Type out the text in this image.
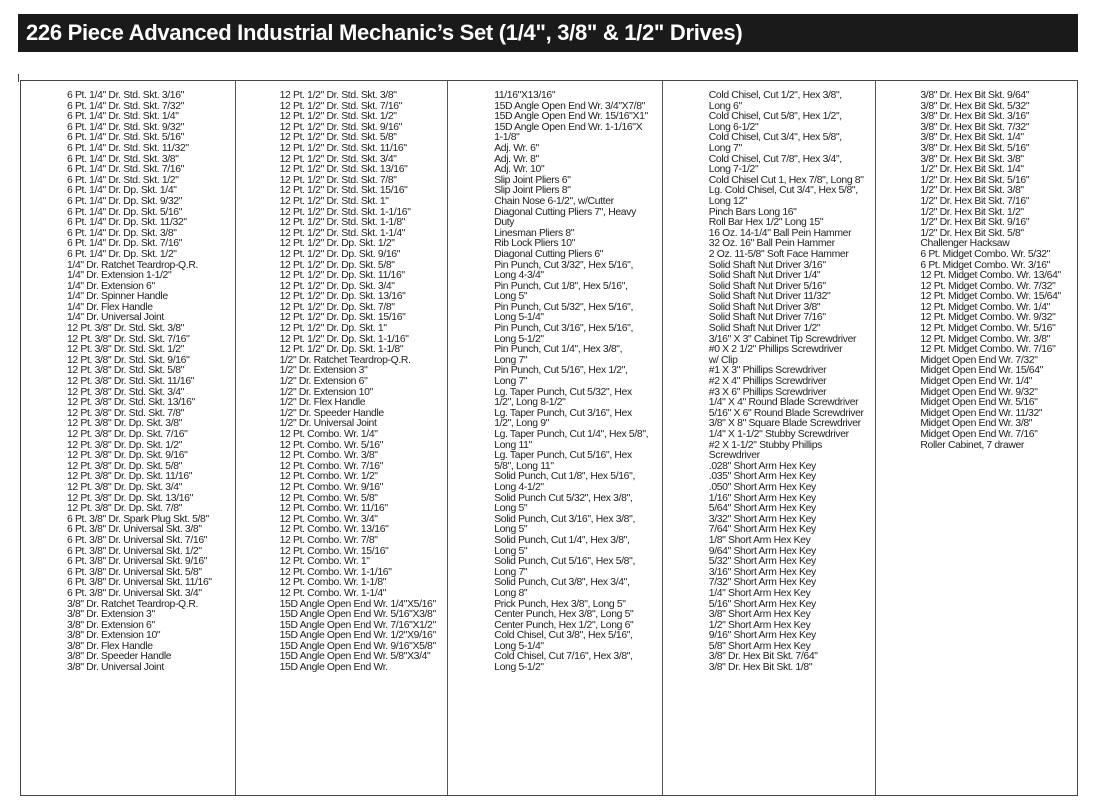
226 Piece Advanced Industrial Mechanic’s Set (1/4", 3/8" & 1/2" Drives)
6 Pt. 1/4" Dr. Std. Skt. 3/16"
6 Pt. 1/4" Dr. Std. Skt. 7/32"
6 Pt. 1/4" Dr. Std. Skt. 1/4"
6 Pt. 1/4" Dr. Std. Skt. 9/32"
6 Pt. 1/4" Dr. Std. Skt. 5/16"
6 Pt. 1/4" Dr. Std. Skt. 11/32"
6 Pt. 1/4" Dr. Std. Skt. 3/8"
6 Pt. 1/4" Dr. Std. Skt. 7/16"
6 Pt. 1/4" Dr. Std. Skt. 1/2"
6 Pt. 1/4" Dr. Dp. Skt. 1/4"
6 Pt. 1/4" Dr. Dp. Skt. 9/32"
6 Pt. 1/4" Dr. Dp. Skt. 5/16"
6 Pt. 1/4" Dr. Dp. Skt. 11/32"
6 Pt. 1/4" Dr. Dp. Skt. 3/8"
6 Pt. 1/4" Dr. Dp. Skt. 7/16"
6 Pt. 1/4" Dr. Dp. Skt. 1/2"
1/4" Dr. Ratchet Teardrop-Q.R.
1/4" Dr. Extension 1-1/2"
1/4" Dr. Extension 6"
1/4" Dr. Spinner Handle
1/4" Dr. Flex Handle
1/4" Dr. Universal Joint
12 Pt. 3/8" Dr. Std. Skt. 3/8"
12 Pt. 3/8" Dr. Std. Skt. 7/16"
12 Pt. 3/8" Dr. Std. Skt. 1/2"
12 Pt. 3/8" Dr. Std. Skt. 9/16"
12 Pt. 3/8" Dr. Std. Skt. 5/8"
12 Pt. 3/8" Dr. Std. Skt. 11/16"
12 Pt. 3/8" Dr. Std. Skt. 3/4"
12 Pt. 3/8" Dr. Std. Skt. 13/16"
12 Pt. 3/8" Dr. Std. Skt. 7/8"
12 Pt. 3/8" Dr. Dp. Skt. 3/8"
12 Pt. 3/8" Dr. Dp. Skt. 7/16"
12 Pt. 3/8" Dr. Dp. Skt. 1/2"
12 Pt. 3/8" Dr. Dp. Skt. 9/16"
12 Pt. 3/8" Dr. Dp. Skt. 5/8"
12 Pt. 3/8" Dr. Dp. Skt. 11/16"
12 Pt. 3/8" Dr. Dp. Skt. 3/4"
12 Pt. 3/8" Dr. Dp. Skt. 13/16"
12 Pt. 3/8" Dr. Dp. Skt. 7/8"
6 Pt. 3/8" Dr. Spark Plug Skt. 5/8"
6 Pt. 3/8" Dr. Universal Skt. 3/8"
6 Pt. 3/8" Dr. Universal Skt. 7/16"
6 Pt. 3/8" Dr. Universal Skt. 1/2"
6 Pt. 3/8" Dr. Universal Skt. 9/16"
6 Pt. 3/8" Dr. Universal Skt. 5/8"
6 Pt. 3/8" Dr. Universal Skt. 11/16"
6 Pt. 3/8" Dr. Universal Skt. 3/4"
3/8" Dr. Ratchet Teardrop-Q.R.
3/8" Dr. Extension 3"
3/8" Dr. Extension 6"
3/8" Dr. Extension 10"
3/8" Dr. Flex Handle
3/8" Dr. Speeder Handle
3/8" Dr. Universal Joint
12 Pt. 1/2" Dr. Std. Skt. 3/8"
12 Pt. 1/2" Dr. Std. Skt. 7/16"
12 Pt. 1/2" Dr. Std. Skt. 1/2"
12 Pt. 1/2" Dr. Std. Skt. 9/16"
12 Pt. 1/2" Dr. Std. Skt. 5/8"
12 Pt. 1/2" Dr. Std. Skt. 11/16"
12 Pt. 1/2" Dr. Std. Skt. 3/4"
12 Pt. 1/2" Dr. Std. Skt. 13/16"
12 Pt. 1/2" Dr. Std. Skt. 7/8"
12 Pt. 1/2" Dr. Std. Skt. 15/16"
12 Pt. 1/2" Dr. Std. Skt. 1"
12 Pt. 1/2" Dr. Std. Skt. 1-1/16"
12 Pt. 1/2" Dr. Std. Skt. 1-1/8"
12 Pt. 1/2" Dr. Std. Skt. 1-1/4"
12 Pt. 1/2" Dr. Dp. Skt. 1/2"
12 Pt. 1/2" Dr. Dp. Skt. 9/16"
12 Pt. 1/2" Dr. Dp. Skt. 5/8"
12 Pt. 1/2" Dr. Dp. Skt. 11/16"
12 Pt. 1/2" Dr. Dp. Skt. 3/4"
12 Pt. 1/2" Dr. Dp. Skt. 13/16"
12 Pt. 1/2" Dr. Dp. Skt. 7/8"
12 Pt. 1/2" Dr. Dp. Skt. 15/16"
12 Pt. 1/2" Dr. Dp. Skt. 1"
12 Pt. 1/2" Dr. Dp. Skt. 1-1/16"
12 Pt. 1/2" Dr. Dp. Skt. 1-1/8"
1/2" Dr. Ratchet Teardrop-Q.R.
1/2" Dr. Extension 3"
1/2" Dr. Extension 6"
1/2" Dr. Extension 10"
1/2" Dr. Flex Handle
1/2" Dr. Speeder Handle
1/2" Dr. Universal Joint
12 Pt. Combo. Wr. 1/4"
12 Pt. Combo. Wr. 5/16"
12 Pt. Combo. Wr. 3/8"
12 Pt. Combo. Wr. 7/16"
12 Pt. Combo. Wr. 1/2"
12 Pt. Combo. Wr. 9/16"
12 Pt. Combo. Wr. 5/8"
12 Pt. Combo. Wr. 11/16"
12 Pt. Combo. Wr. 3/4"
12 Pt. Combo. Wr. 13/16"
12 Pt. Combo. Wr. 7/8"
12 Pt. Combo. Wr. 15/16"
12 Pt. Combo. Wr. 1"
12 Pt. Combo. Wr. 1-1/16"
12 Pt. Combo. Wr. 1-1/8"
12 Pt. Combo. Wr. 1-1/4"
15D Angle Open End Wr. 1/4"X5/16"
15D Angle Open End Wr. 5/16"X3/8"
15D Angle Open End Wr. 7/16"X1/2"
15D Angle Open End Wr. 1/2"X9/16"
15D Angle Open End Wr. 9/16"X5/8"
15D Angle Open End Wr. 5/8"X3/4"
15D Angle Open End Wr.
11/16"X13/16"
15D Angle Open End Wr. 3/4"X7/8"
15D Angle Open End Wr. 15/16"X1"
15D Angle Open End Wr. 1-1/16"X
1-1/8"
Adj. Wr. 6"
Adj. Wr. 8"
Adj. Wr. 10"
Slip Joint Pliers 6"
Slip Joint Pliers 8"
Chain Nose 6-1/2", w/Cutter
Diagonal Cutting Pliers 7", Heavy
Duty
Linesman Pliers 8"
Rib Lock Pliers 10"
Diagonal Cutting Pliers 6"
Pin Punch, Cut 3/32", Hex 5/16",
Long 4-3/4"
Pin Punch, Cut 1/8", Hex 5/16",
Long 5"
Pin Punch, Cut 5/32", Hex 5/16",
Long 5-1/4"
Pin Punch, Cut 3/16", Hex 5/16",
Long 5-1/2"
Pin Punch, Cut 1/4", Hex 3/8",
Long 7"
Pin Punch, Cut 5/16", Hex 1/2",
Long 7"
Lg. Taper Punch, Cut 5/32", Hex
1/2", Long 8-1/2"
Lg. Taper Punch, Cut 3/16", Hex
1/2", Long 9"
Lg. Taper Punch, Cut 1/4", Hex 5/8",
Long 11"
Lg. Taper Punch, Cut 5/16", Hex
5/8", Long 11"
Solid Punch, Cut 1/8", Hex 5/16",
Long 4-1/2"
Solid Punch Cut 5/32", Hex 3/8",
Long 5"
Solid Punch, Cut 3/16", Hex 3/8",
Long 5"
Solid Punch, Cut 1/4", Hex 3/8",
Long 5"
Solid Punch, Cut 5/16", Hex 5/8",
Long 7"
Solid Punch, Cut 3/8", Hex 3/4",
Long 8"
Prick Punch, Hex 3/8", Long 5"
Center Punch, Hex 3/8", Long 5"
Center Punch, Hex 1/2", Long 6"
Cold Chisel, Cut 3/8", Hex 5/16",
Long 5-1/4"
Cold Chisel, Cut 7/16", Hex 3/8",
Long 5-1/2"
Cold Chisel, Cut 1/2", Hex 3/8",
Long 6"
Cold Chisel, Cut 5/8", Hex 1/2",
Long 6-1/2"
Cold Chisel, Cut 3/4", Hex 5/8",
Long 7"
Cold Chisel, Cut 7/8", Hex 3/4",
Long 7-1/2"
Cold Chisel Cut 1, Hex 7/8", Long 8"
Lg. Cold Chisel, Cut 3/4", Hex 5/8",
Long 12"
Pinch Bars Long 16"
Roll Bar Hex 1/2" Long 15"
16 Oz. 14-1/4" Ball Pein Hammer
32 Oz. 16" Ball Pein Hammer
2 Oz. 11-5/8" Soft Face Hammer
Solid Shaft Nut Driver 3/16"
Solid Shaft Nut Driver 1/4"
Solid Shaft Nut Driver 5/16"
Solid Shaft Nut Driver 11/32"
Solid Shaft Nut Driver 3/8"
Solid Shaft Nut Driver 7/16"
Solid Shaft Nut Driver 1/2"
3/16" X 3" Cabinet Tip Screwdriver
#0 X 2 1/2" Phillips Screwdriver
w/ Clip
#1 X 3" Phillips Screwdriver
#2 X 4" Phillips Screwdriver
#3 X 6" Phillips Screwdriver
1/4" X 4" Round Blade Screwdriver
5/16" X 6" Round Blade Screwdriver
3/8" X 8" Square Blade Screwdriver
1/4" X 1-1/2" Stubby Screwdriver
#2 X 1-1/2" Stubby Phillips
Screwdriver
.028" Short Arm Hex Key
.035" Short Arm Hex Key
.050" Short Arm Hex Key
1/16" Short Arm Hex Key
5/64" Short Arm Hex Key
3/32" Short Arm Hex Key
7/64" Short Arm Hex Key
1/8" Short Arm Hex Key
9/64" Short Arm Hex Key
5/32" Short Arm Hex Key
3/16" Short Arm Hex Key
7/32" Short Arm Hex Key
1/4" Short Arm Hex Key
5/16" Short Arm Hex Key
3/8" Short Arm Hex Key
1/2" Short Arm Hex Key
9/16" Short Arm Hex Key
5/8" Short Arm Hex Key
3/8" Dr. Hex Bit Skt. 7/64"
3/8" Dr. Hex Bit Skt. 1/8"
3/8" Dr. Hex Bit Skt. 9/64"
3/8" Dr. Hex Bit Skt. 5/32"
3/8" Dr. Hex Bit Skt. 3/16"
3/8" Dr. Hex Bit Skt. 7/32"
3/8" Dr. Hex Bit Skt. 1/4"
3/8" Dr. Hex Bit Skt. 5/16"
3/8" Dr. Hex Bit Skt. 3/8"
1/2" Dr. Hex Bit Skt. 1/4"
1/2" Dr. Hex Bit Skt. 5/16"
1/2" Dr. Hex Bit Skt. 3/8"
1/2" Dr. Hex Bit Skt. 7/16"
1/2" Dr. Hex Bit Skt. 1/2"
1/2" Dr. Hex Bit Skt. 9/16"
1/2" Dr. Hex Bit Skt. 5/8"
Challenger Hacksaw
6 Pt. Midget Combo. Wr. 5/32"
6 Pt. Midget Combo. Wr. 3/16"
12 Pt. Midget Combo. Wr. 13/64"
12 Pt. Midget Combo. Wr. 7/32"
12 Pt. Midget Combo. Wr. 15/64"
12 Pt. Midget Combo. Wr. 1/4"
12 Pt. Midget Combo. Wr. 9/32"
12 Pt. Midget Combo. Wr. 5/16"
12 Pt. Midget Combo. Wr. 3/8"
12 Pt. Midget Combo. Wr. 7/16"
Midget Open End Wr. 7/32"
Midget Open End Wr. 15/64"
Midget Open End Wr. 1/4"
Midget Open End Wr. 9/32"
Midget Open End Wr. 5/16"
Midget Open End Wr. 11/32"
Midget Open End Wr. 3/8"
Midget Open End Wr. 7/16"
Roller Cabinet, 7 drawer
